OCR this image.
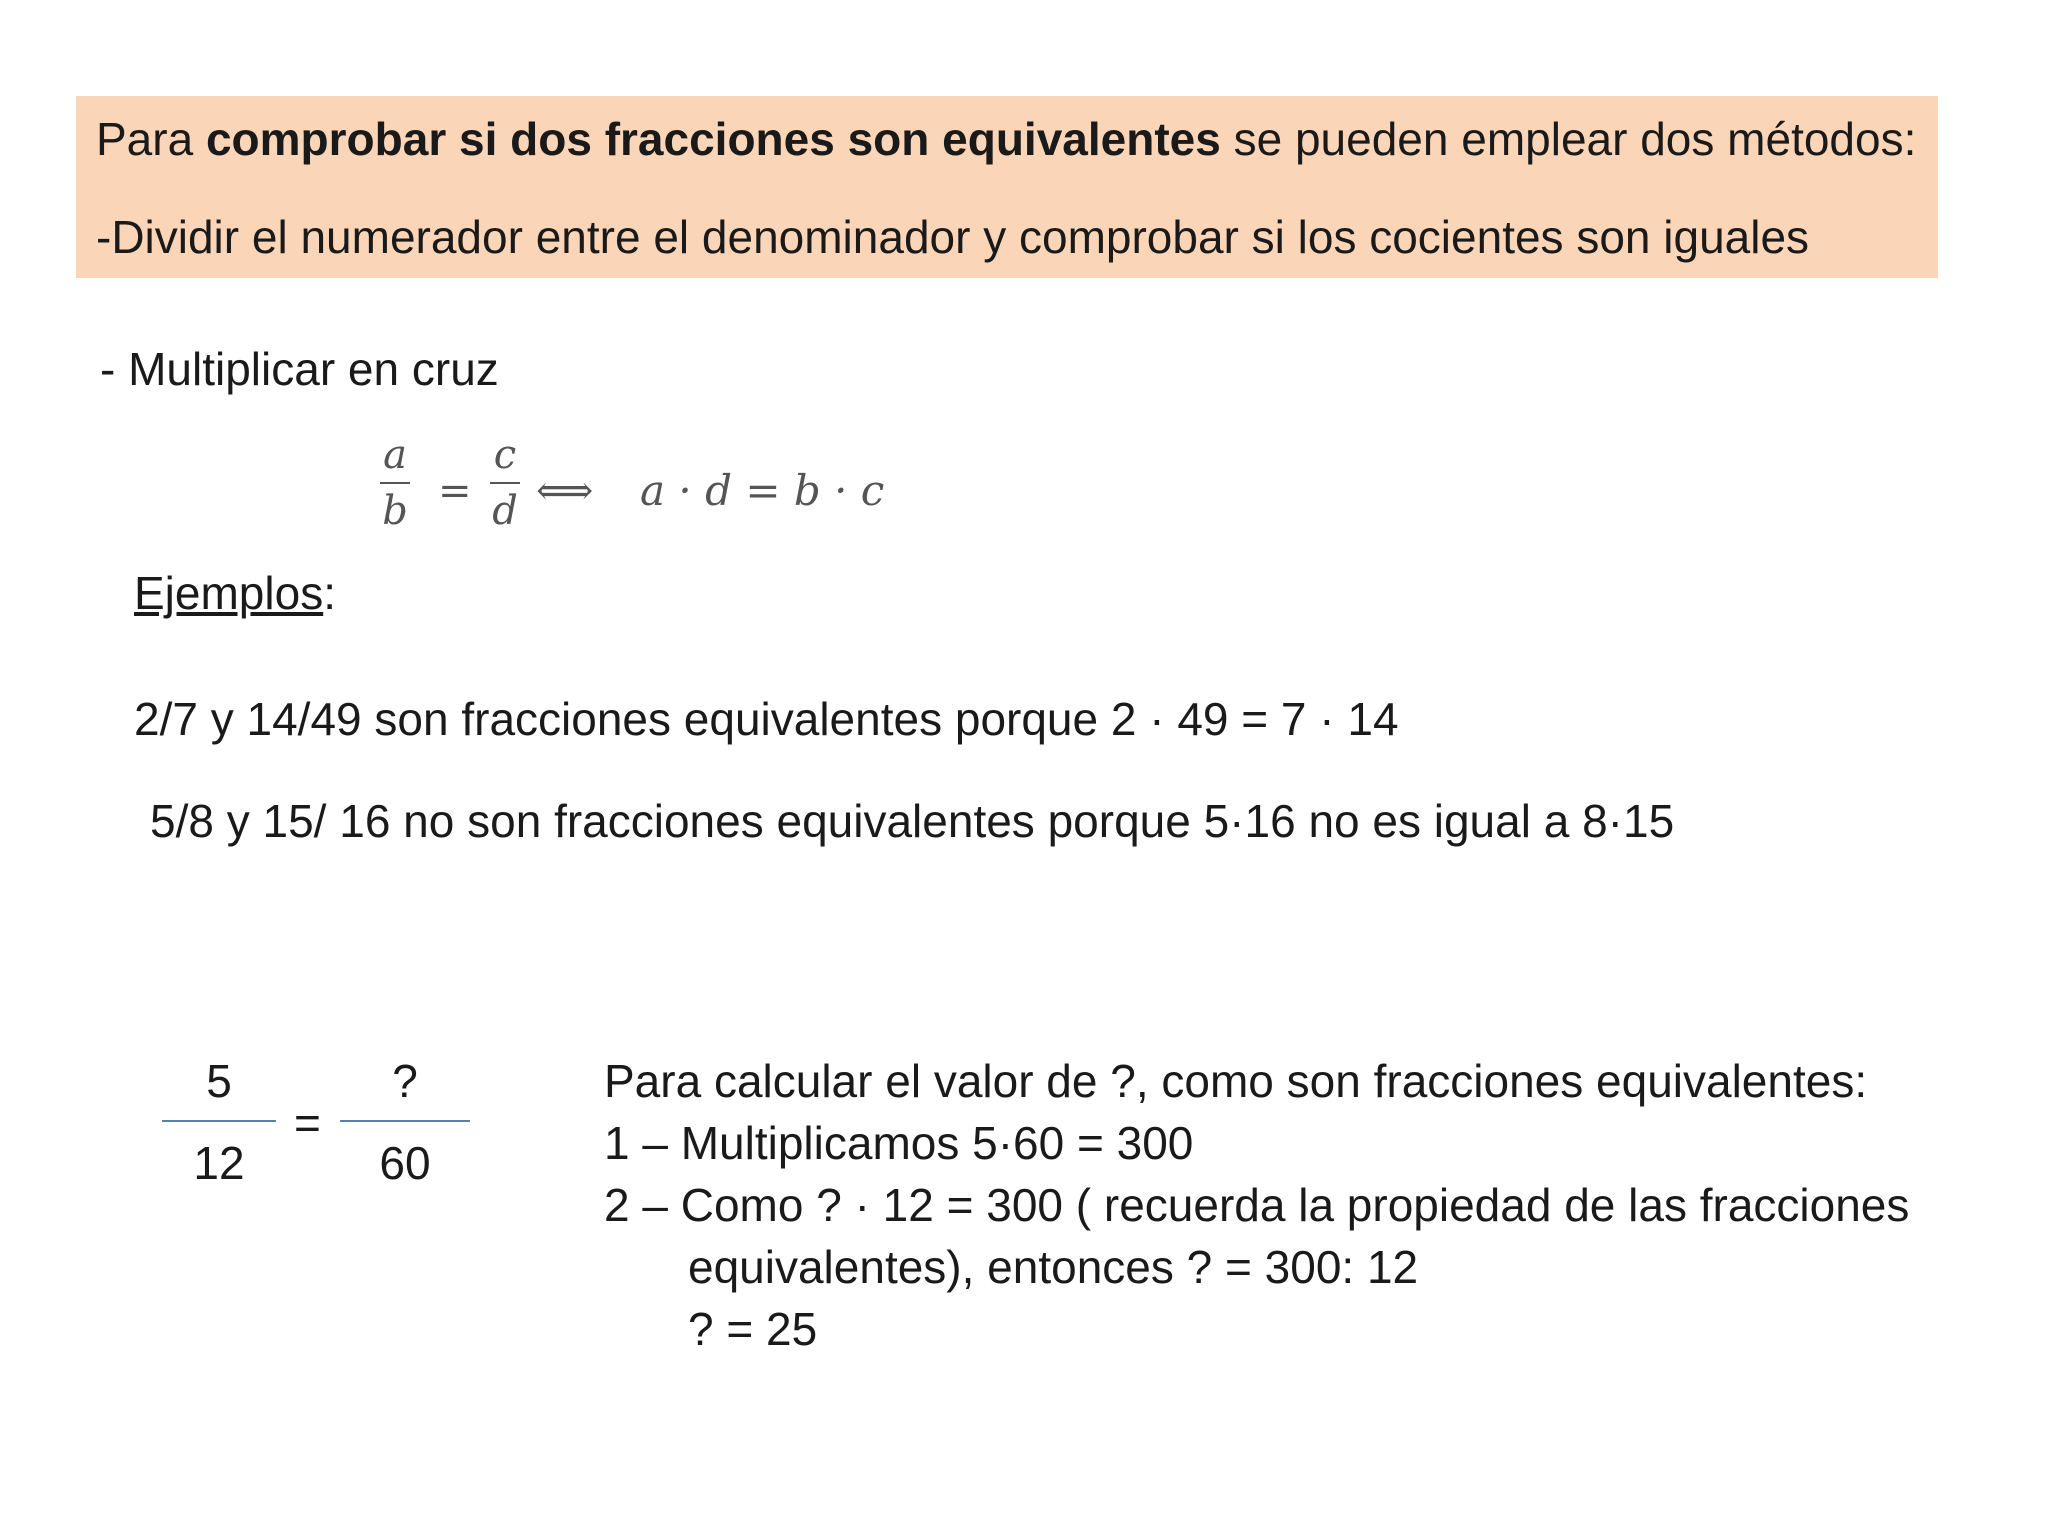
Para comprobar si dos fracciones son equivalentes se pueden emplear dos métodos:
-Dividir el numerador entre el denominador y comprobar si los cocientes son iguales
- Multiplicar en cruz
a
b =
c
d ⟺ a · d = b · c
Ejemplos:
2/7 y 14/49 son fracciones equivalentes porque 2 · 49 = 7 · 14
5/8 y 15/ 16 no son fracciones equivalentes porque 5·16 no es igual a 8·15
5
12
=
?
60
Para calcular el valor de ?, como son fracciones equivalentes:
1 – Multiplicamos 5·60 = 300
2 – Como ? · 12 = 300 ( recuerda la propiedad de las fracciones
equivalentes), entonces ? = 300: 12
? = 25
